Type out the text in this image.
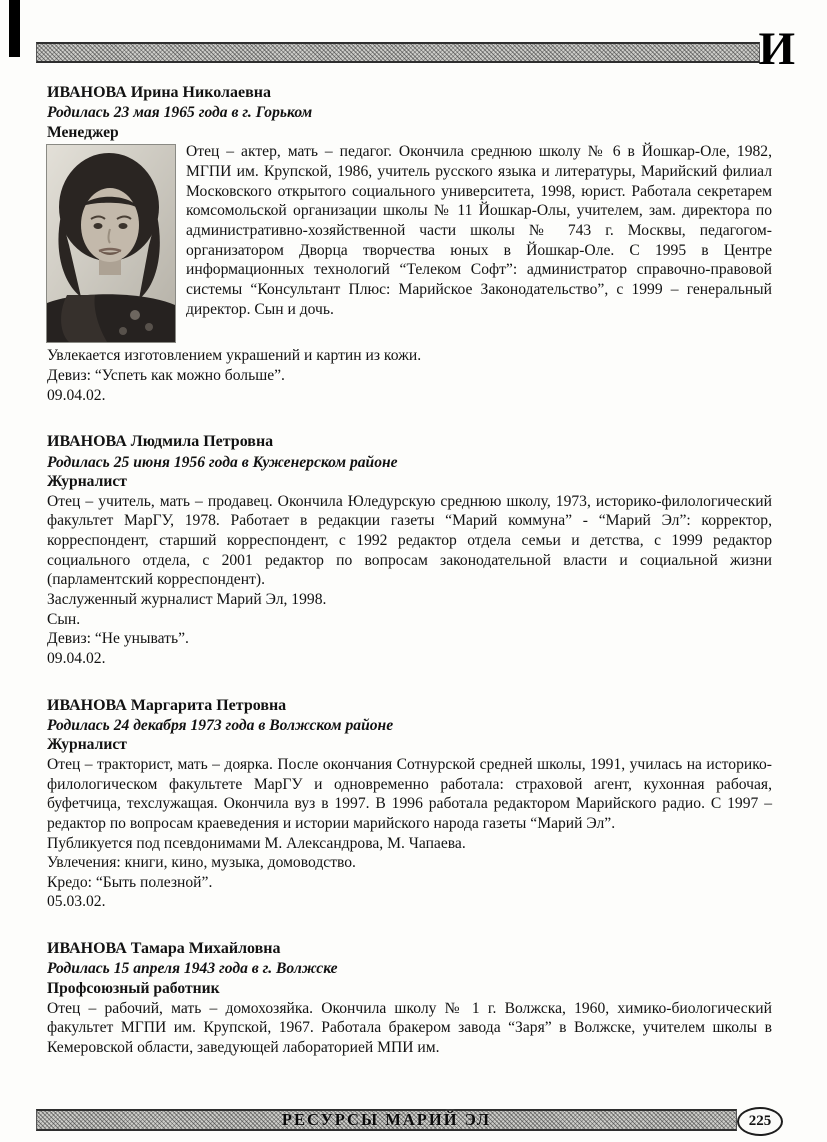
И
ИВАНОВА Ирина Николаевна

Родилась 23 мая 1965 года в г. Горьком

Менеджер

Отец – актер, мать – педагог. Окончила среднюю школу № 6 в Йошкар-Оле, 1982, МГПИ им. Крупской, 1986, учитель русского языка и литературы, Марийский филиал Московского открытого социального университета, 1998, юрист. Работала секретарем комсомольской организации школы № 11 Йошкар-Олы, учителем, зам. директора по административно-хозяйственной части школы № 743 г. Москвы, педагогом-организатором Дворца творчества юных в Йошкар-Оле. С 1995 в Центре информационных технологий “Телеком Софт”: администратор справочно-правовой системы “Консультант Плюс: Марийское Законодательство”, с 1999 – генеральный директор. Сын и дочь.

Увлекается изготовлением украшений и картин из кожи.

Девиз: “Успеть как можно больше”.

09.04.02.

ИВАНОВА Людмила Петровна

Родилась 25 июня 1956 года в Куженерском районе

Журналист

Отец – учитель, мать – продавец. Окончила Юледурскую среднюю школу, 1973, историко-филологический факультет МарГУ, 1978. Работает в редакции газеты “Марий коммуна” - “Марий Эл”: корректор, корреспондент, старший корреспондент, с 1992 редактор отдела семьи и детства, с 1999 редактор социального отдела, с 2001 редактор по вопросам законодательной власти и социальной жизни (парламентский корреспондент).

Заслуженный журналист Марий Эл, 1998.

Сын.

Девиз: “Не унывать”.

09.04.02.

ИВАНОВА Маргарита Петровна

Родилась 24 декабря 1973 года в Волжском районе

Журналист

Отец – тракторист, мать – доярка. После окончания Сотнурской средней школы, 1991, училась на историко-филологическом факультете МарГУ и одновременно работала: страховой агент, кухонная рабочая, буфетчица, техслужащая. Окончила вуз в 1997. В 1996 работала редактором Марийского радио. С 1997 – редактор по вопросам краеведения и истории марийского народа газеты “Марий Эл”.

Публикуется под псевдонимами М. Александрова, М. Чапаева.

Увлечения: книги, кино, музыка, домоводство.

Кредо: “Быть полезной”.

05.03.02.

ИВАНОВА Тамара Михайловна

Родилась 15 апреля 1943 года в г. Волжске

Профсоюзный работник

Отец – рабочий, мать – домохозяйка. Окончила школу № 1 г. Волжска, 1960, химико-биологический факультет МГПИ им. Крупской, 1967. Работала бракером завода “Заря” в Волжске, учителем школы в Кемеровской области, заведующей лабораторией МПИ им.

РЕСУРСЫ МАРИЙ ЭЛ	225
